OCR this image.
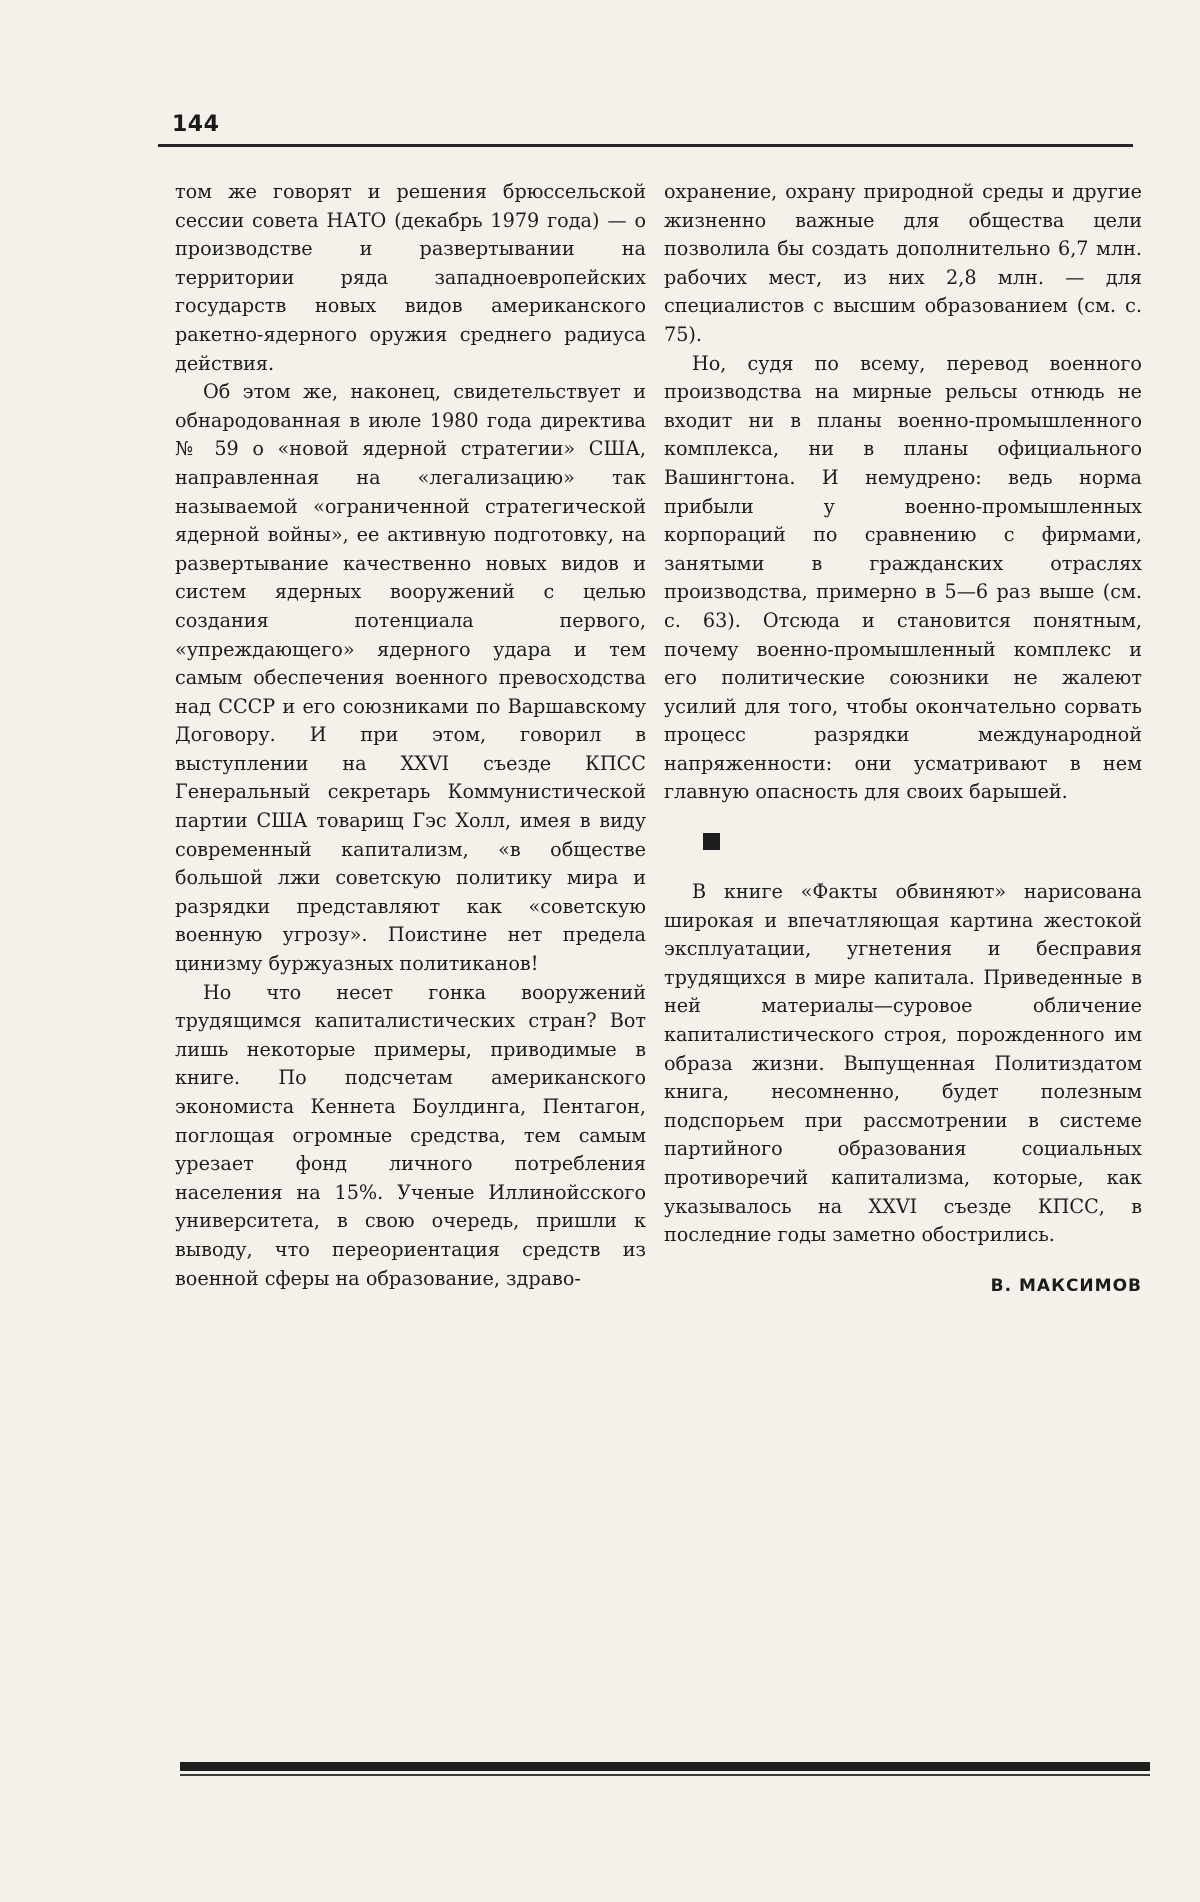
144

том же говорят и решения брюссельской сессии совета НАТО (декабрь 1979 года) — о производстве и развертывании на территории ряда западноевропейских государств новых видов американского ракетно-ядерного оружия среднего радиуса действия.

Об этом же, наконец, свидетельствует и обнародованная в июле 1980 года директива № 59 о «новой ядерной стратегии» США, направленная на «легализацию» так называемой «ограниченной стратегической ядерной войны», ее активную подготовку, на развертывание качественно новых видов и систем ядерных вооружений с целью создания потенциала первого, «упреждающего» ядерного удара и тем самым обеспечения военного превосходства над СССР и его союзниками по Варшавскому Договору. И при этом, говорил в выступлении на XXVI съезде КПСС Генеральный секретарь Коммунистической партии США товарищ Гэс Холл, имея в виду современный капитализм, «в обществе большой лжи советскую политику мира и разрядки представляют как «советскую военную угрозу». Поистине нет предела цинизму буржуазных политиканов!

Но что несет гонка вооружений трудящимся капиталистических стран? Вот лишь некоторые примеры, приводимые в книге. По подсчетам американского экономиста Кеннета Боулдинга, Пентагон, поглощая огромные средства, тем самым урезает фонд личного потребления населения на 15%. Ученые Иллинойсского университета, в свою очередь, пришли к выводу, что переориентация средств из военной сферы на образование, здраво-

охранение, охрану природной среды и другие жизненно важные для общества цели позволила бы создать дополнительно 6,7 млн. рабочих мест, из них 2,8 млн. — для специалистов с высшим образованием (см. с. 75).

Но, судя по всему, перевод военного производства на мирные рельсы отнюдь не входит ни в планы военно-промышленного комплекса, ни в планы официального Вашингтона. И немудрено: ведь норма прибыли у военно-промышленных корпораций по сравнению с фирмами, занятыми в гражданских отраслях производства, примерно в 5—6 раз выше (см. с. 63). Отсюда и становится понятным, почему военно-промышленный комплекс и его политические союзники не жалеют усилий для того, чтобы окончательно сорвать процесс разрядки международной напряженности: они усматривают в нем главную опасность для своих барышей.

В книге «Факты обвиняют» нарисована широкая и впечатляющая картина жестокой эксплуатации, угнетения и бесправия трудящихся в мире капитала. Приведенные в ней материалы—суровое обличение капиталистического строя, порожденного им образа жизни. Выпущенная Политиздатом книга, несомненно, будет полезным подспорьем при рассмотрении в системе партийного образования социальных противоречий капитализма, которые, как указывалось на XXVI съезде КПСС, в последние годы заметно обострились.

В. МАКСИМОВ
